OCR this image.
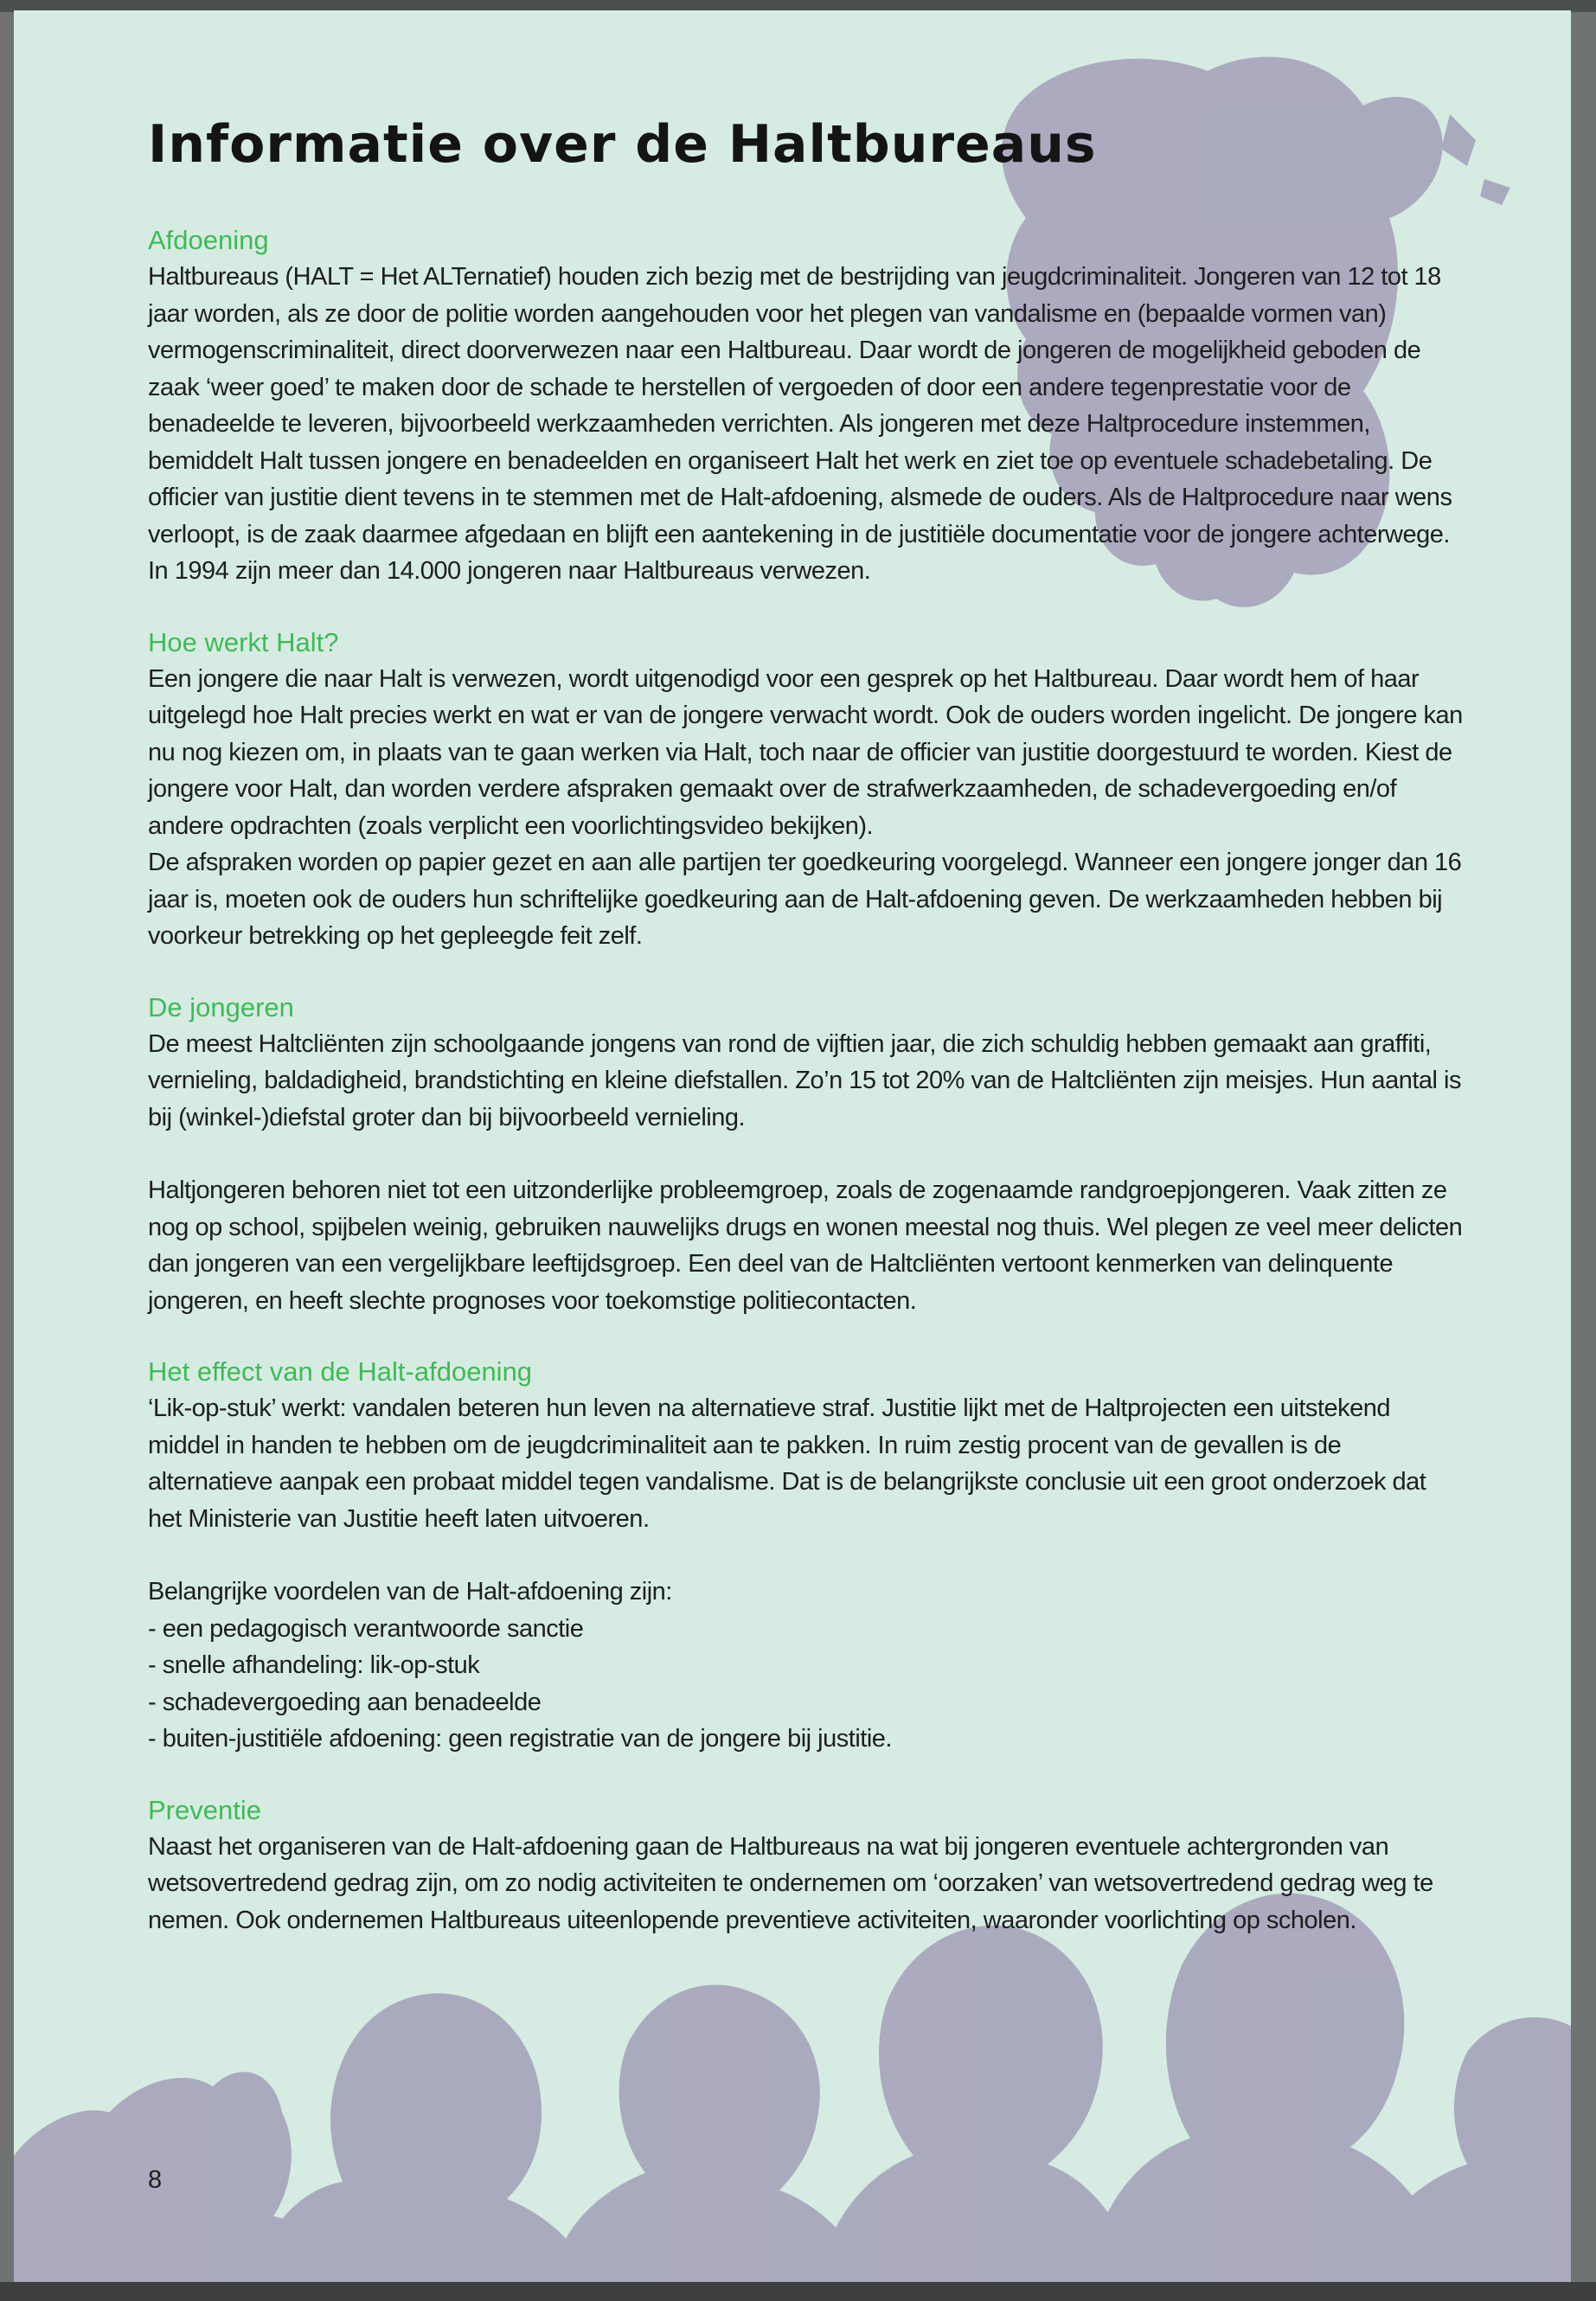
Informatie over de Haltbureaus
Afdoening

Haltbureaus (HALT = Het ALTernatief) houden zich bezig met de bestrijding van jeugdcriminaliteit. Jongeren van 12 tot 18 jaar worden, als ze door de politie worden aangehouden voor het plegen van vandalisme en (bepaalde vormen van) vermogenscriminaliteit, direct doorverwezen naar een Haltbureau. Daar wordt de jongeren de mogelijkheid geboden de zaak ‘weer goed’ te maken door de schade te herstellen of vergoeden of door een andere tegenprestatie voor de benadeelde te leveren, bijvoorbeeld werkzaamheden verrichten. Als jongeren met deze Haltprocedure instemmen, bemiddelt Halt tussen jongere en benadeelden en organiseert Halt het werk en ziet toe op eventuele schadebetaling. De officier van justitie dient tevens in te stemmen met de Halt-afdoening, alsmede de ouders. Als de Haltprocedure naar wens verloopt, is de zaak daarmee afgedaan en blijft een aantekening in de justitiële documentatie voor de jongere achterwege.

In 1994 zijn meer dan 14.000 jongeren naar Haltbureaus verwezen.

Hoe werkt Halt?

Een jongere die naar Halt is verwezen, wordt uitgenodigd voor een gesprek op het Haltbureau. Daar wordt hem of haar uitgelegd hoe Halt precies werkt en wat er van de jongere verwacht wordt. Ook de ouders worden ingelicht. De jongere kan nu nog kiezen om, in plaats van te gaan werken via Halt, toch naar de officier van justitie doorgestuurd te worden. Kiest de jongere voor Halt, dan worden verdere afspraken gemaakt over de strafwerkzaamheden, de schadevergoeding en/of andere opdrachten (zoals verplicht een voorlichtingsvideo bekijken).

De afspraken worden op papier gezet en aan alle partijen ter goedkeuring voorgelegd. Wanneer een jongere jonger dan 16 jaar is, moeten ook de ouders hun schriftelijke goedkeuring aan de Halt-afdoening geven. De werkzaamheden hebben bij voorkeur betrekking op het gepleegde feit zelf.

De jongeren

De meest Haltcliënten zijn schoolgaande jongens van rond de vijftien jaar, die zich schuldig hebben gemaakt aan graffiti, vernieling, baldadigheid, brandstichting en kleine diefstallen. Zo’n 15 tot 20% van de Haltcliënten zijn meisjes. Hun aantal is bij (winkel-)diefstal groter dan bij bijvoorbeeld vernieling.

Haltjongeren behoren niet tot een uitzonderlijke probleemgroep, zoals de zogenaamde randgroepjongeren. Vaak zitten ze nog op school, spijbelen weinig, gebruiken nauwelijks drugs en wonen meestal nog thuis. Wel plegen ze veel meer delicten dan jongeren van een vergelijkbare leeftijdsgroep. Een deel van de Haltcliënten vertoont kenmerken van delinquente jongeren, en heeft slechte prognoses voor toekomstige politiecontacten.

Het effect van de Halt-afdoening

‘Lik-op-stuk’ werkt: vandalen beteren hun leven na alternatieve straf. Justitie lijkt met de Haltprojecten een uitstekend middel in handen te hebben om de jeugdcriminaliteit aan te pakken. In ruim zestig procent van de gevallen is de alternatieve aanpak een probaat middel tegen vandalisme. Dat is de belangrijkste conclusie uit een groot onderzoek dat het Ministerie van Justitie heeft laten uitvoeren.

Belangrijke voordelen van de Halt-afdoening zijn:

- een pedagogisch verantwoorde sanctie
- snelle afhandeling: lik-op-stuk
- schadevergoeding aan benadeelde
- buiten-justitiële afdoening: geen registratie van de jongere bij justitie.
Preventie

Naast het organiseren van de Halt-afdoening gaan de Haltbureaus na wat bij jongeren eventuele achtergronden van wetsovertredend gedrag zijn, om zo nodig activiteiten te ondernemen om ‘oorzaken’ van wetsovertredend gedrag weg te nemen. Ook ondernemen Haltbureaus uiteenlopende preventieve activiteiten, waaronder voorlichting op scholen.

8
